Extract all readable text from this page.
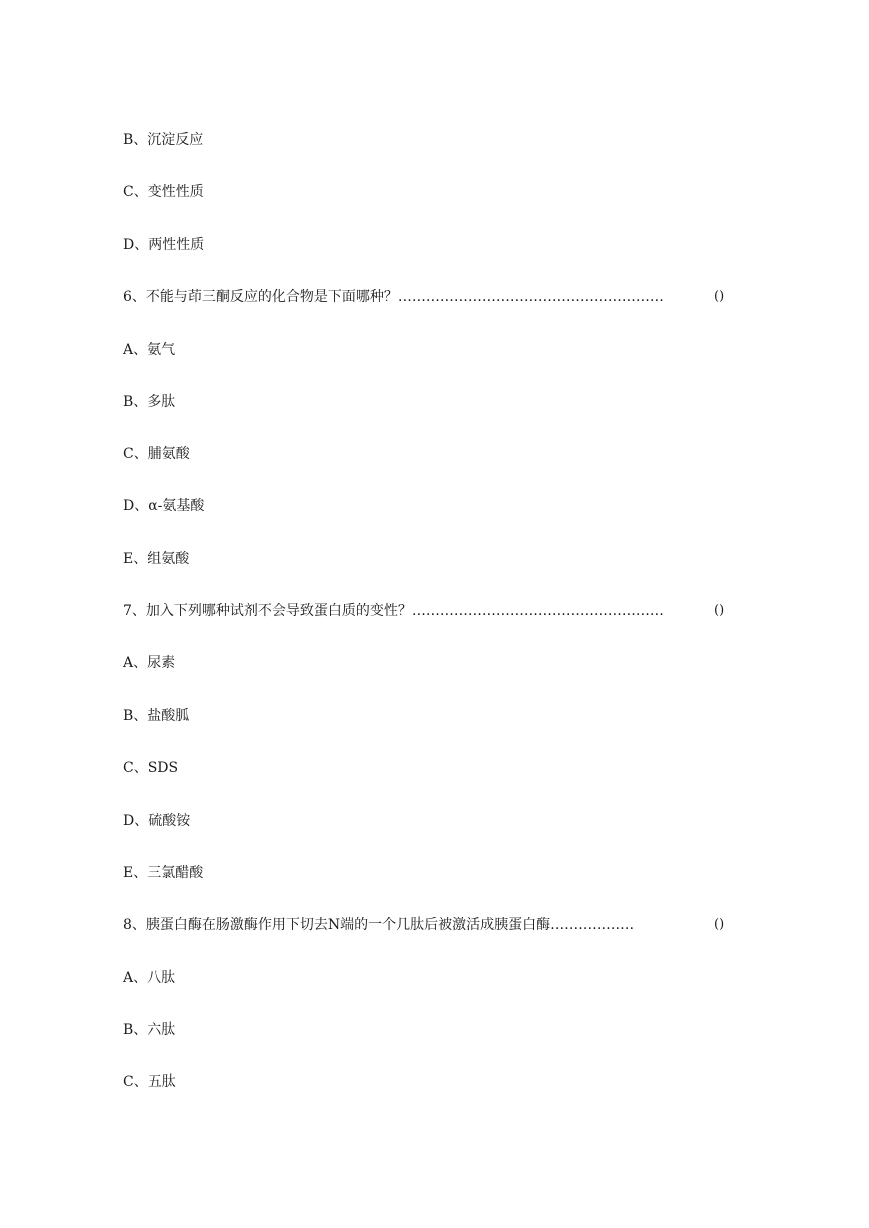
B、沉淀反应
C、变性性质
D、两性性质
6、不能与茚三酮反应的化合物是下面哪种？…………………………………………………	()
A、氨气
B、多肽
C、脯氨酸
D、α-氨基酸
E、组氨酸
7、加入下列哪种试剂不会导致蛋白质的变性？………………………………………………	()
A、尿素
B、盐酸胍
C、SDS
D、硫酸铵
E、三氯醋酸
8、胰蛋白酶在肠激酶作用下切去N端的一个几肽后被激活成胰蛋白酶………………	()
A、八肽
B、六肽
C、五肽
